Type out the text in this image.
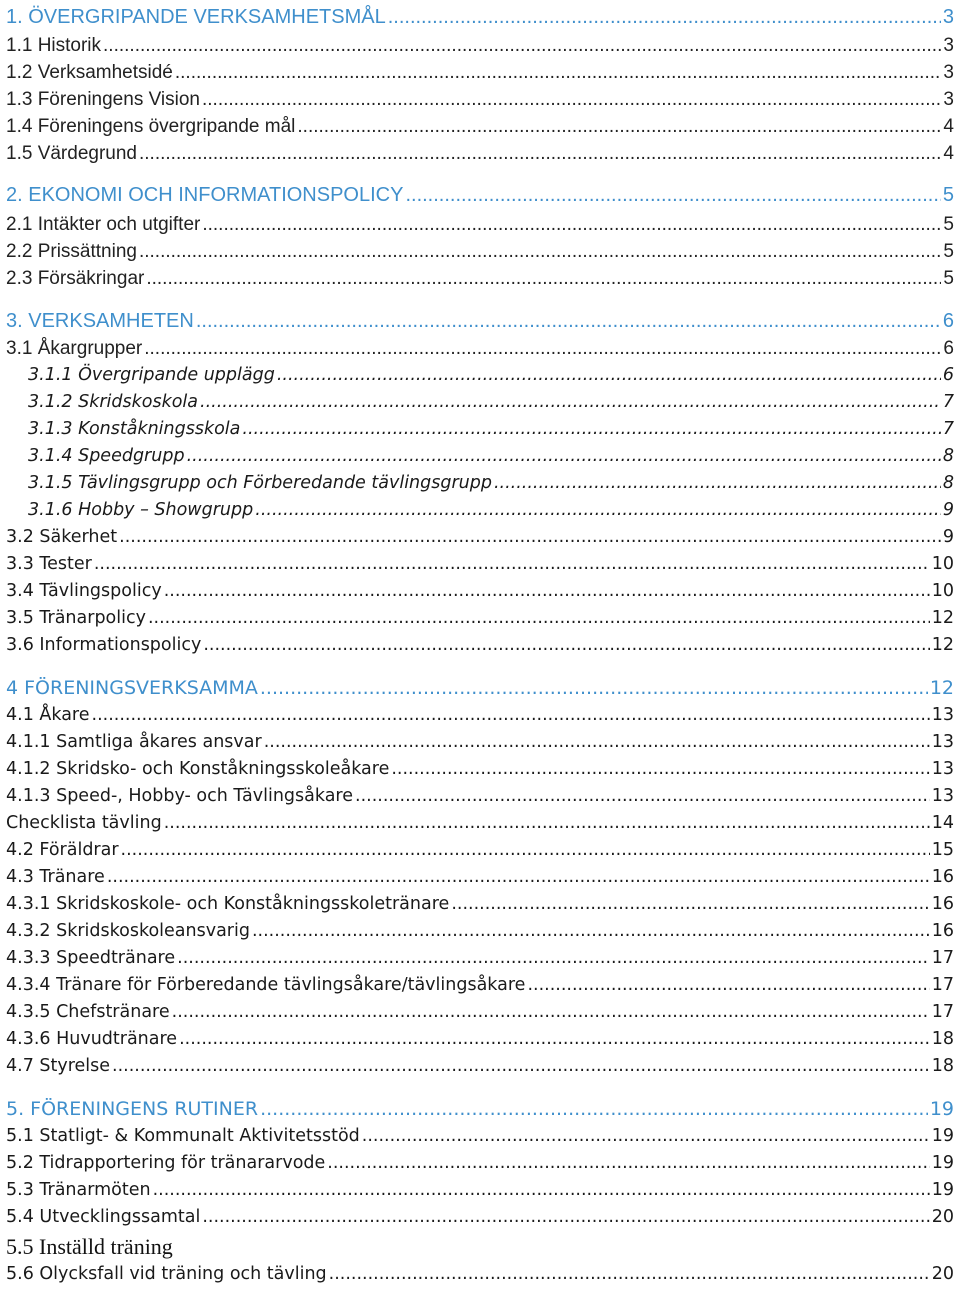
1. ÖVERGRIPANDE VERKSAMHETSMÅL .....	3
1.1 Historik .....	3
1.2 Verksamhetsidé .....	3
1.3 Föreningens Vision .....	3
1.4 Föreningens övergripande mål .....	4
1.5 Värdegrund .....	4
2. EKONOMI OCH INFORMATIONSPOLICY .....	5
2.1 Intäkter och utgifter .....	5
2.2 Prissättning .....	5
2.3 Försäkringar .....	5
3. VERKSAMHETEN .....	6
3.1 Åkargrupper .....	6
3.1.1 Övergripande upplägg .....	6
3.1.2 Skridskoskola .....	7
3.1.3 Konståkningsskola .....	7
3.1.4 Speedgrupp .....	8
3.1.5 Tävlingsgrupp och Förberedande tävlingsgrupp .....	8
3.1.6 Hobby – Showgrupp .....	9
3.2 Säkerhet .....	9
3.3 Tester .....	10
3.4 Tävlingspolicy .....	10
3.5 Tränarpolicy .....	12
3.6 Informationspolicy .....	12
4 FÖRENINGSVERKSAMMA .....	12
4.1 Åkare .....	13
4.1.1 Samtliga åkares ansvar .....	13
4.1.2 Skridsko- och Konståkningsskoleåkare .....	13
4.1.3 Speed-, Hobby- och Tävlingsåkare .....	13
Checklista tävling .....	14
4.2 Föräldrar .....	15
4.3 Tränare .....	16
4.3.1 Skridskoskole- och Konståkningsskoletränare .....	16
4.3.2 Skridskoskoleansvarig .....	16
4.3.3 Speedtränare .....	17
4.3.4 Tränare för Förberedande tävlingsåkare/tävlingsåkare .....	17
4.3.5 Chefstränare .....	17
4.3.6 Huvudtränare .....	18
4.7 Styrelse .....	18
5. FÖRENINGENS RUTINER .....	19
5.1 Statligt- & Kommunalt Aktivitetsstöd .....	19
5.2 Tidrapportering för tränararvode .....	19
5.3 Tränarmöten .....	19
5.4 Utvecklingssamtal .....	20
5.5 Inställd träning
5.6 Olycksfall vid träning och tävling .....	20
